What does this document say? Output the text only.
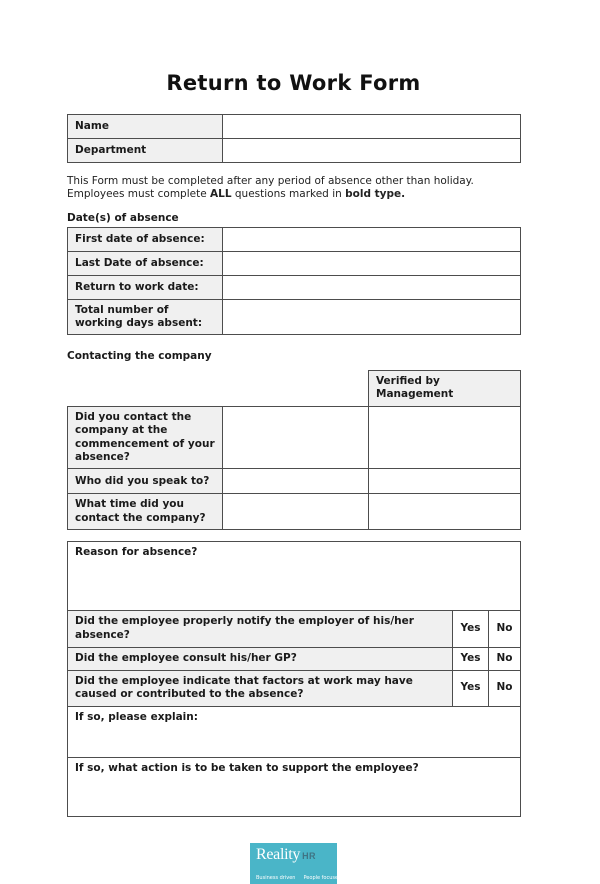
Return to Work Form
Name	
Department	
This Form must be completed after any period of absence other than holiday.
Employees must complete ALL questions marked in bold type.
Date(s) of absence
First date of absence:	
Last Date of absence:	
Return to work date:	
Total number of working days absent:	
Contacting the company
		Verified by Management
Did you contact the company at the commencement of your absence?		
Who did you speak to?		
What time did you contact the company?		
Reason for absence?		
Did the employee properly notify the employer of his/her absence?	Yes	No
Did the employee consult his/her GP?	Yes	No
Did the employee indicate that factors at work may have caused or contributed to the absence?	Yes	No
If so, please explain:		
If so, what action is to be taken to support the employee?		
Reality HR
Business driven People focused
